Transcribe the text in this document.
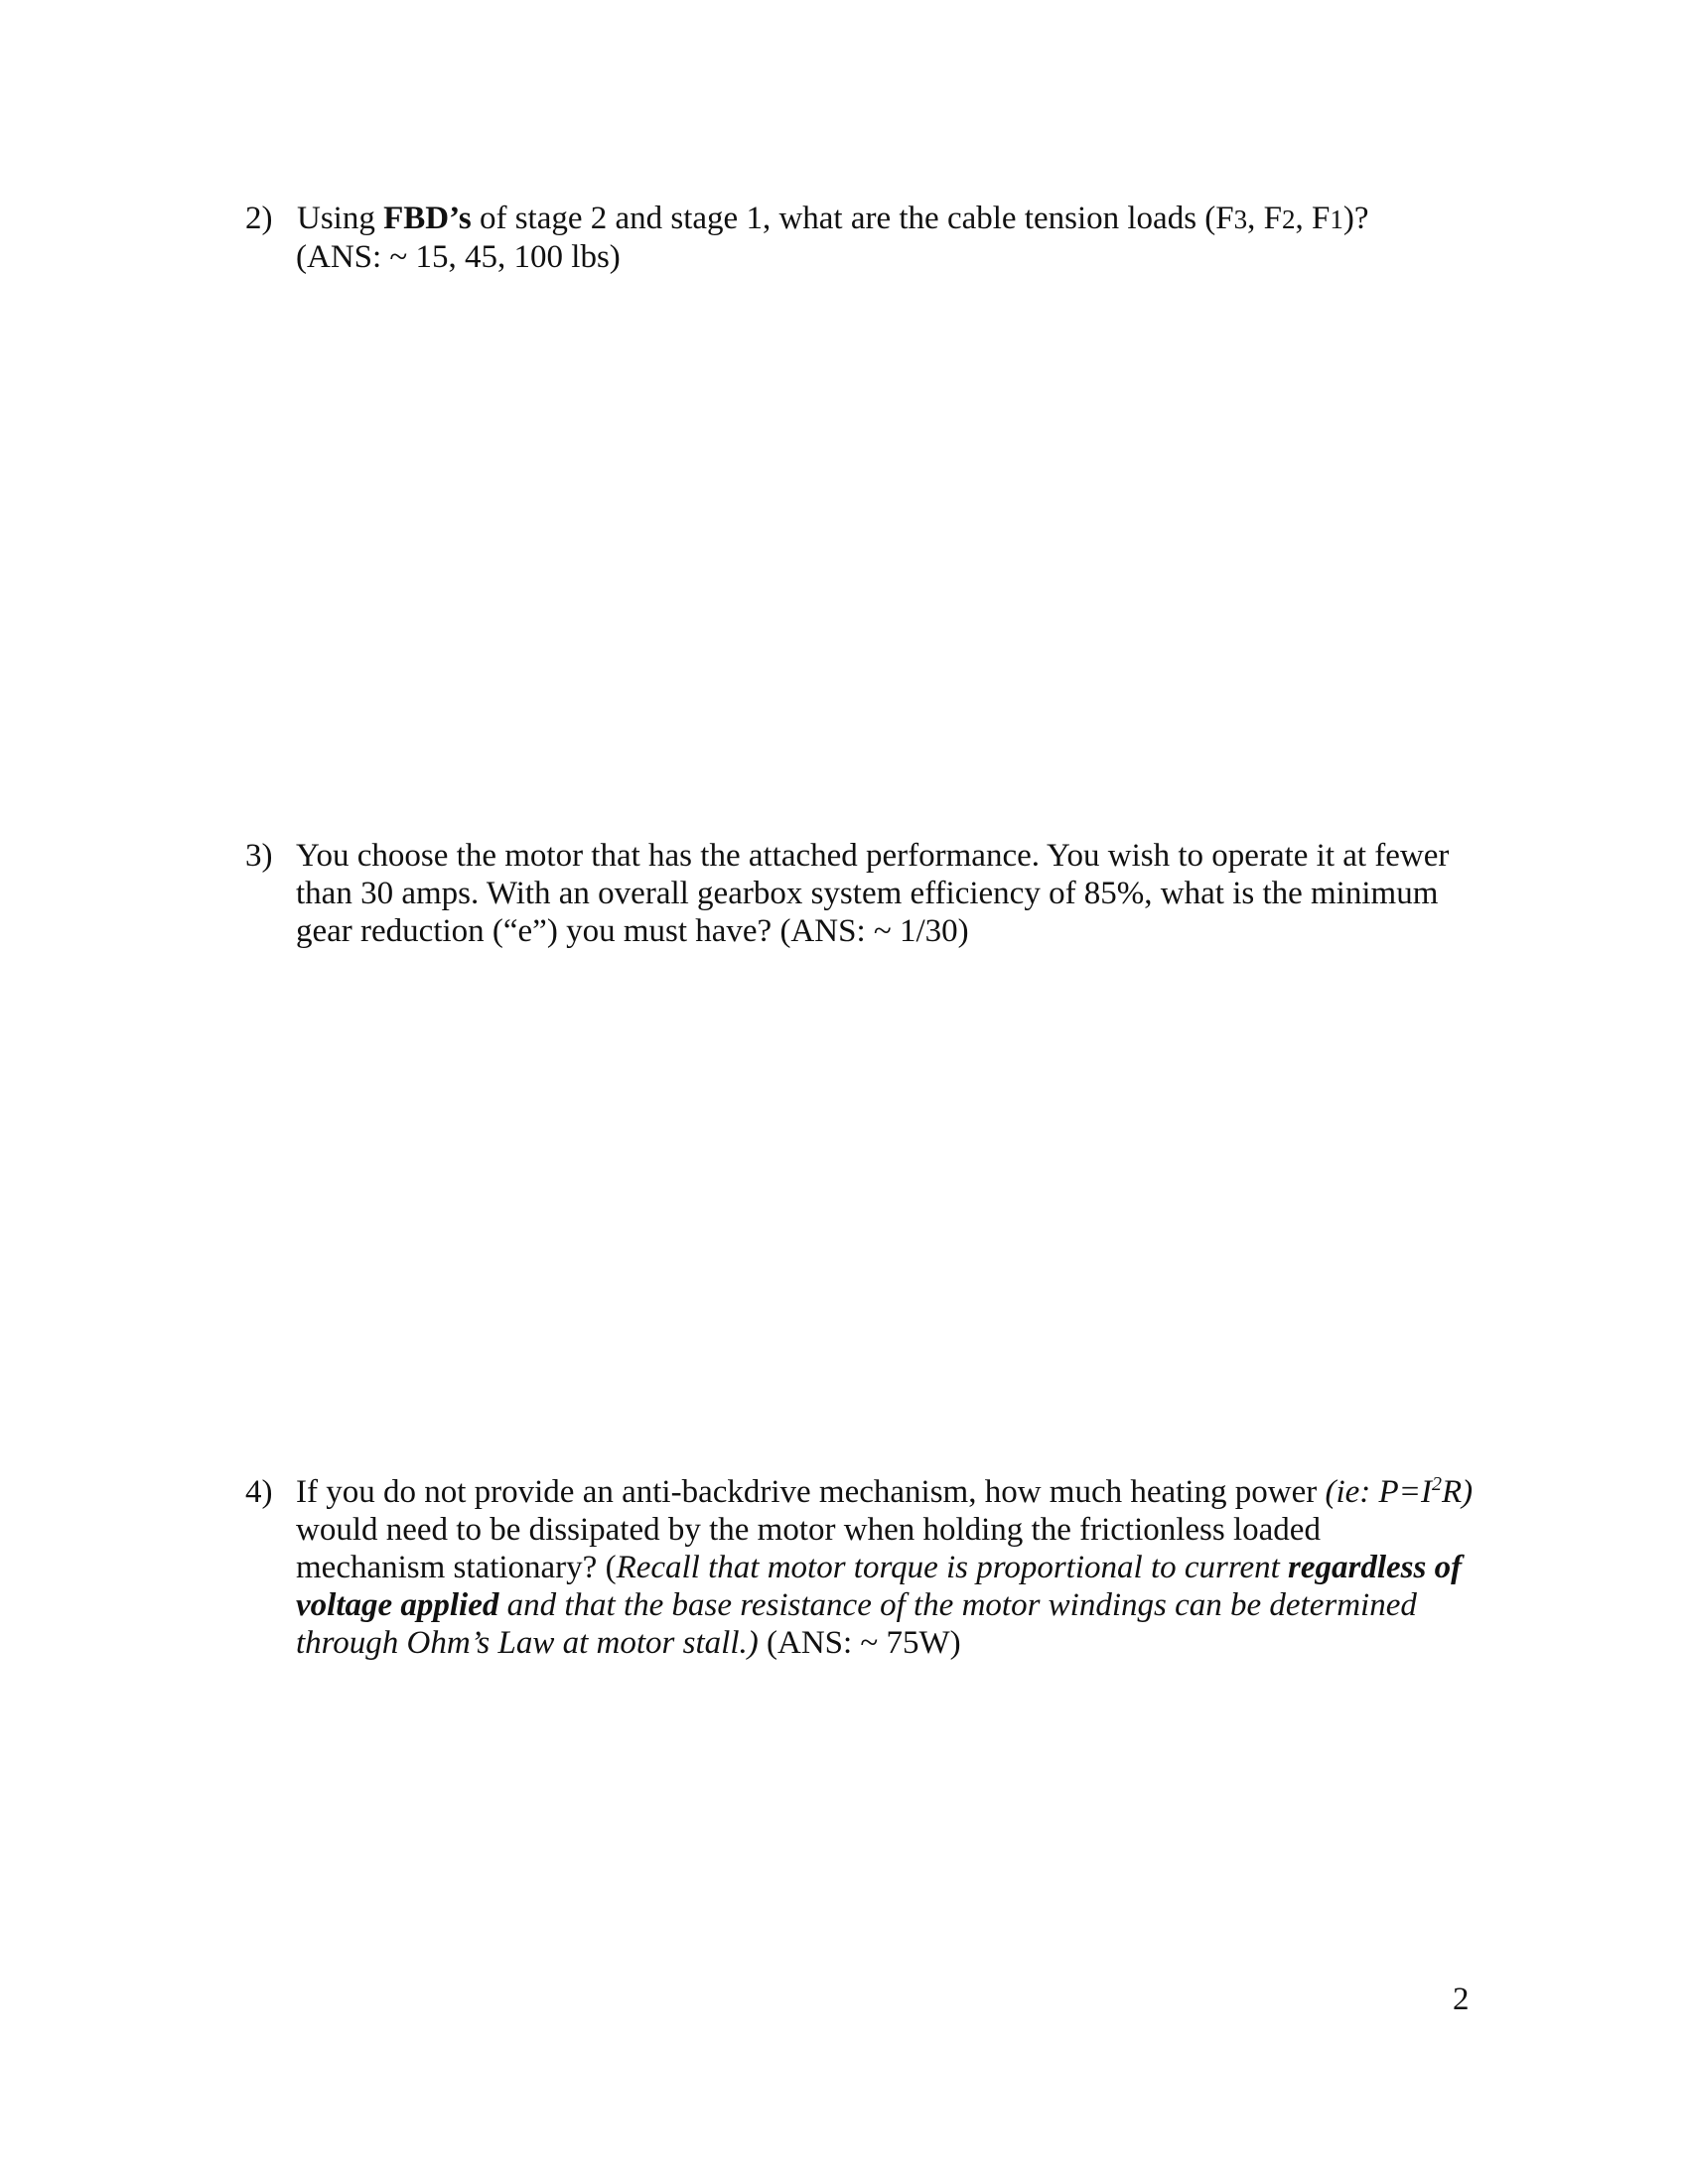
2) Using FBD’s of stage 2 and stage 1, what are the cable tension loads (F3, F2, F1)?
(ANS: ~ 15, 45, 100 lbs)
3) You choose the motor that has the attached performance. You wish to operate it at fewer
than 30 amps. With an overall gearbox system efficiency of 85%, what is the minimum
gear reduction (“e”) you must have? (ANS: ~ 1/30)
4) If you do not provide an anti-backdrive mechanism, how much heating power (ie: $P=I^2R$)
would need to be dissipated by the motor when holding the frictionless loaded
mechanism stationary? (Recall that motor torque is proportional to current regardless of
voltage applied and that the base resistance of the motor windings can be determined
through Ohm’s Law at motor stall.) (ANS: ~ 75W)
2
